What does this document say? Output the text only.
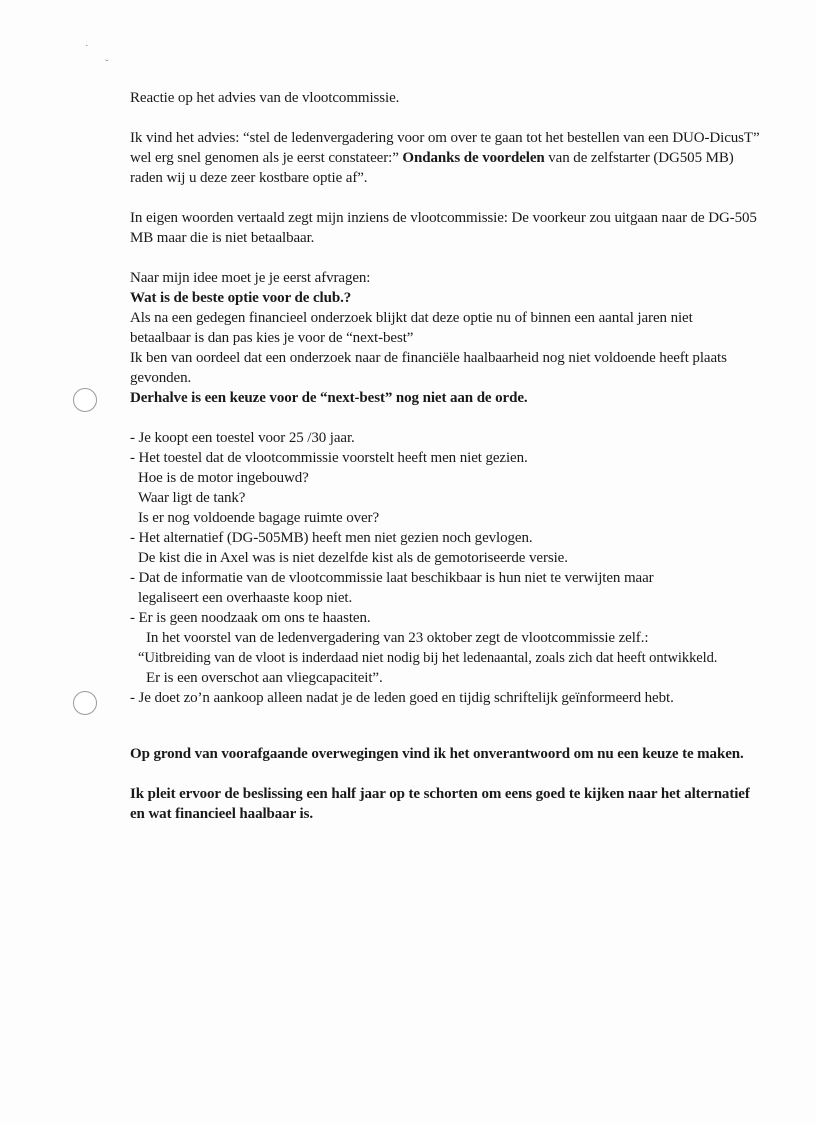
·
ˇ

Reactie op het advies van de vlootcommissie.

Ik vind het advies: “stel de ledenvergadering voor om over te gaan tot het bestellen van een DUO-DicusT” wel erg snel genomen als je eerst constateer:” Ondanks de voordelen van de zelfstarter (DG505 MB) raden wij u deze zeer kostbare optie af”.

In eigen woorden vertaald zegt mijn inziens de vlootcommissie: De voorkeur zou uitgaan naar de DG-505 MB maar die is niet betaalbaar.

Naar mijn idee moet je je eerst afvragen:

Wat is de beste optie voor de club.?

Als na een gedegen financieel onderzoek blijkt dat deze optie nu of binnen een aantal jaren niet betaalbaar is dan pas kies je voor de “next-best”

Ik ben van oordeel dat een onderzoek naar de financiële haalbaarheid nog niet voldoende heeft plaats gevonden.

Derhalve is een keuze voor de “next-best” nog niet aan de orde.

- Je koopt een toestel voor 25 /30 jaar.

- Het toestel dat de vlootcommissie voorstelt heeft men niet gezien.

Hoe is de motor ingebouwd?

Waar ligt de tank?

Is er nog voldoende bagage ruimte over?

- Het alternatief (DG-505MB) heeft men niet gezien noch gevlogen.

De kist die in Axel was is niet dezelfde kist als de gemotoriseerde versie.

- Dat de informatie van de vlootcommissie laat beschikbaar is hun niet te verwijten maar

legaliseert een overhaaste koop niet.

- Er is geen noodzaak om ons te haasten.

In het voorstel van de ledenvergadering van 23 oktober zegt de vlootcommissie zelf.:

“Uitbreiding van de vloot is inderdaad niet nodig bij het ledenaantal, zoals zich dat heeft ontwikkeld.

Er is een overschot aan vliegcapaciteit”.

- Je doet zo’n aankoop alleen nadat je de leden goed en tijdig schriftelijk geïnformeerd hebt.

Op grond van voorafgaande overwegingen vind ik het onverantwoord om nu een keuze te maken.

Ik pleit ervoor de beslissing een half jaar op te schorten om eens goed te kijken naar het alternatief en wat financieel haalbaar is.
